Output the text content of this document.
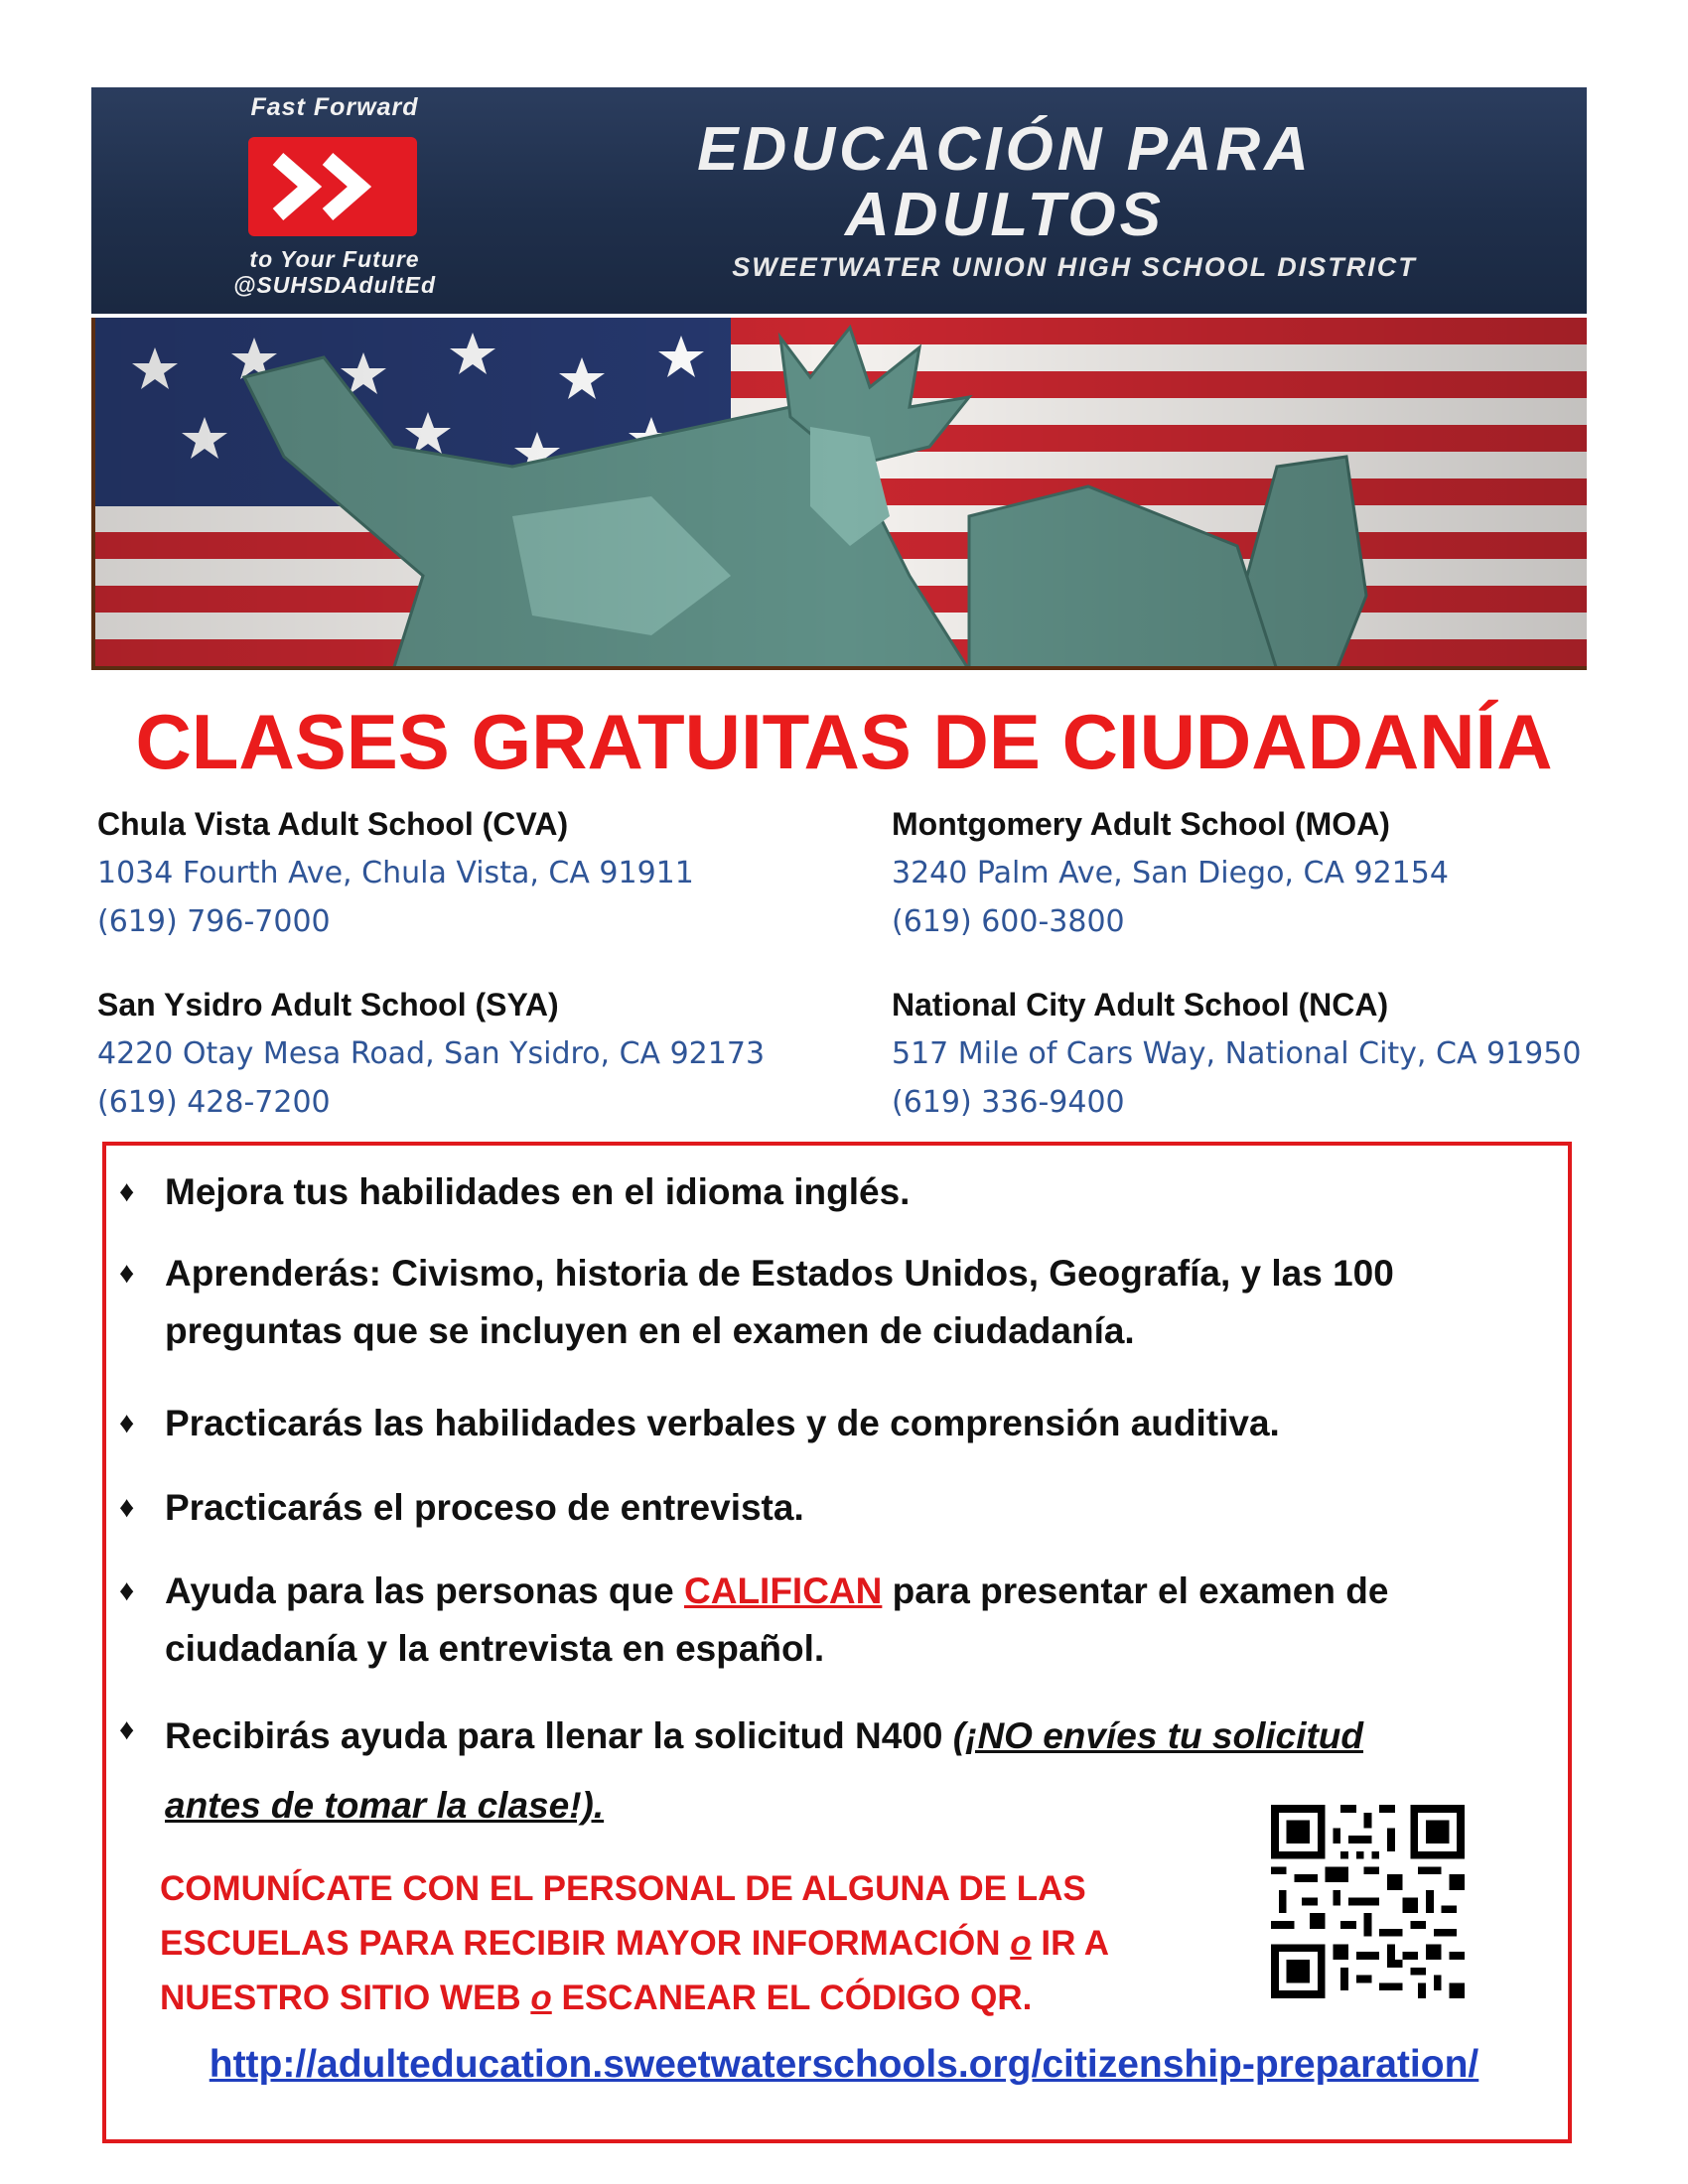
Fast Forward
to Your Future
@SUHSDAdultEd
EDUCACIÓN PARA
ADULTOS
SWEETWATER UNION HIGH SCHOOL DISTRICT
CLASES GRATUITAS DE CIUDADANÍA
Chula Vista Adult School (CVA)
1034 Fourth Ave, Chula Vista, CA 91911
(619) 796-7000
Montgomery Adult School (MOA)
3240 Palm Ave, San Diego, CA 92154
(619) 600-3800
San Ysidro Adult School (SYA)
4220 Otay Mesa Road, San Ysidro, CA 92173
(619) 428-7200
National City Adult School (NCA)
517 Mile of Cars Way, National City, CA 91950
(619) 336-9400
♦ Mejora tus habilidades en el idioma inglés.
♦ Aprenderás: Civismo, historia de Estados Unidos, Geografía, y las 100
preguntas que se incluyen en el examen de ciudadanía.
♦ Practicarás las habilidades verbales y de comprensión auditiva.
♦ Practicarás el proceso de entrevista.
♦ Ayuda para las personas que CALIFICAN para presentar el examen de
ciudadanía y la entrevista en español.
♦ Recibirás ayuda para llenar la solicitud N400 (¡NO envíes tu solicitud
antes de tomar la clase!).
COMUNÍCATE CON EL PERSONAL DE ALGUNA DE LAS
ESCUELAS PARA RECIBIR MAYOR INFORMACIÓN o IR A
NUESTRO SITIO WEB o ESCANEAR EL CÓDIGO QR.
http://adulteducation.sweetwaterschools.org/citizenship-preparation/
